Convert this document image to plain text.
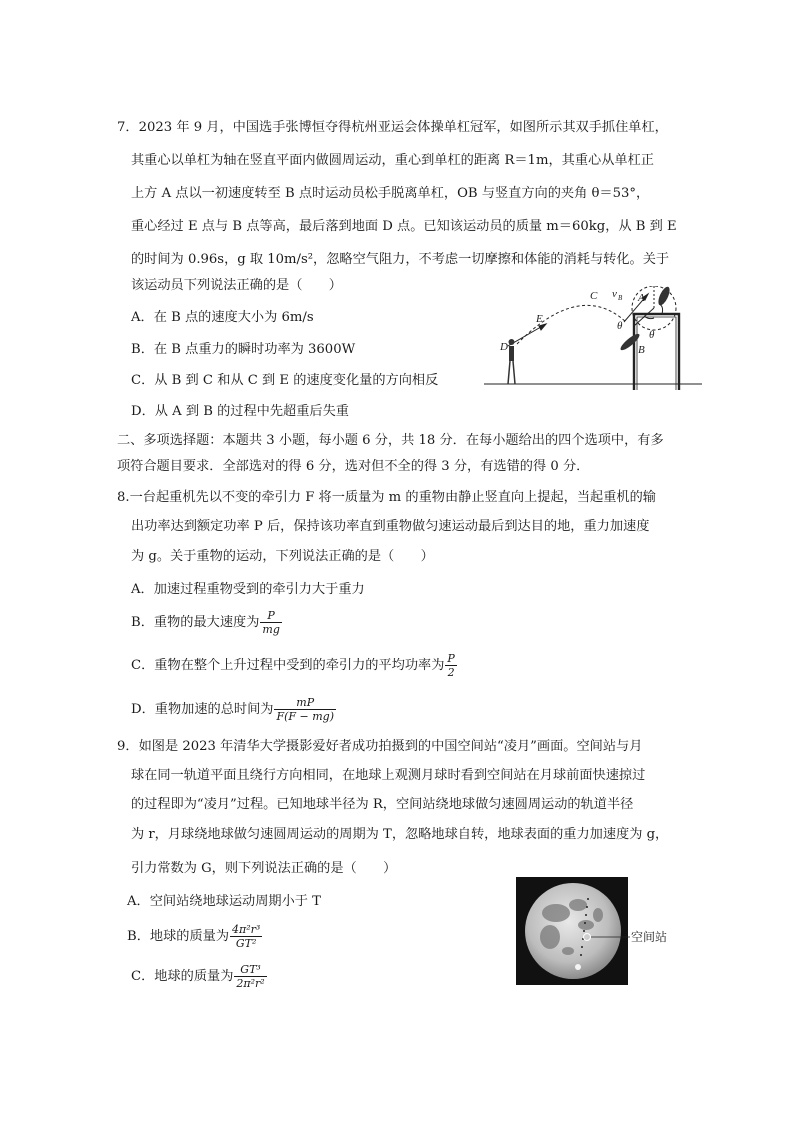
7．2023 年 9 月，中国选手张博恒夺得杭州亚运会体操单杠冠军，如图所示其双手抓住单杠，
其重心以单杠为轴在竖直平面内做圆周运动，重心到单杠的距离 R＝1m，其重心从单杠正
上方 A 点以一初速度转至 B 点时运动员松手脱离单杠，OB 与竖直方向的夹角 θ＝53°，
重心经过 E 点与 B 点等高，最后落到地面 D 点。已知该运动员的质量 m＝60kg，从 B 到 E
的时间为 0.96s，g 取 10m/s²，忽略空气阻力，不考虑一切摩擦和体能的消耗与转化。关于
该运动员下列说法正确的是（　　）
A．在 B 点的速度大小为 6m/s
B．在 B 点重力的瞬时功率为 3600W
C．从 B 到 C 和从 C 到 E 的速度变化量的方向相反
D．从 A 到 B 的过程中先超重后失重
C v B A
E
D	B
θ
θ
二、多项选择题：本题共 3 小题，每小题 6 分，共 18 分．在每小题给出的四个选项中，有多
项符合题目要求．全部选对的得 6 分，选对但不全的得 3 分，有选错的得 0 分．
8.一台起重机先以不变的牵引力 F 将一质量为 m 的重物由静止竖直向上提起，当起重机的输
出功率达到额定功率 P 后，保持该功率直到重物做匀速运动最后到达目的地，重力加速度
为 g。关于重物的运动，下列说法正确的是（　　）
A．加速过程重物受到的牵引力大于重力
B．重物的最大速度为 $\frac{P}{mg}$
C．重物在整个上升过程中受到的牵引力的平均功率为 $\frac{P}{2}$
D．重物加速的总时间为 $\frac{mP}{F(F - mg)}$
9．如图是 2023 年清华大学摄影爱好者成功拍摄到的中国空间站“凌月”画面。空间站与月
球在同一轨道平面且绕行方向相同，在地球上观测月球时看到空间站在月球前面快速掠过
的过程即为“凌月”过程。已知地球半径为 R，空间站绕地球做匀速圆周运动的轨道半径
为 r，月球绕地球做匀速圆周运动的周期为 T，忽略地球自转，地球表面的重力加速度为 g，
引力常数为 G，则下列说法正确的是（　　）
A．空间站绕地球运动周期小于 T
B．地球的质量为 $\frac{\text{4π²r³}}{\text{GT²}}$
C．地球的质量为 $\frac{\text{GT³}}{\text{2π²r²}}$
空间站
